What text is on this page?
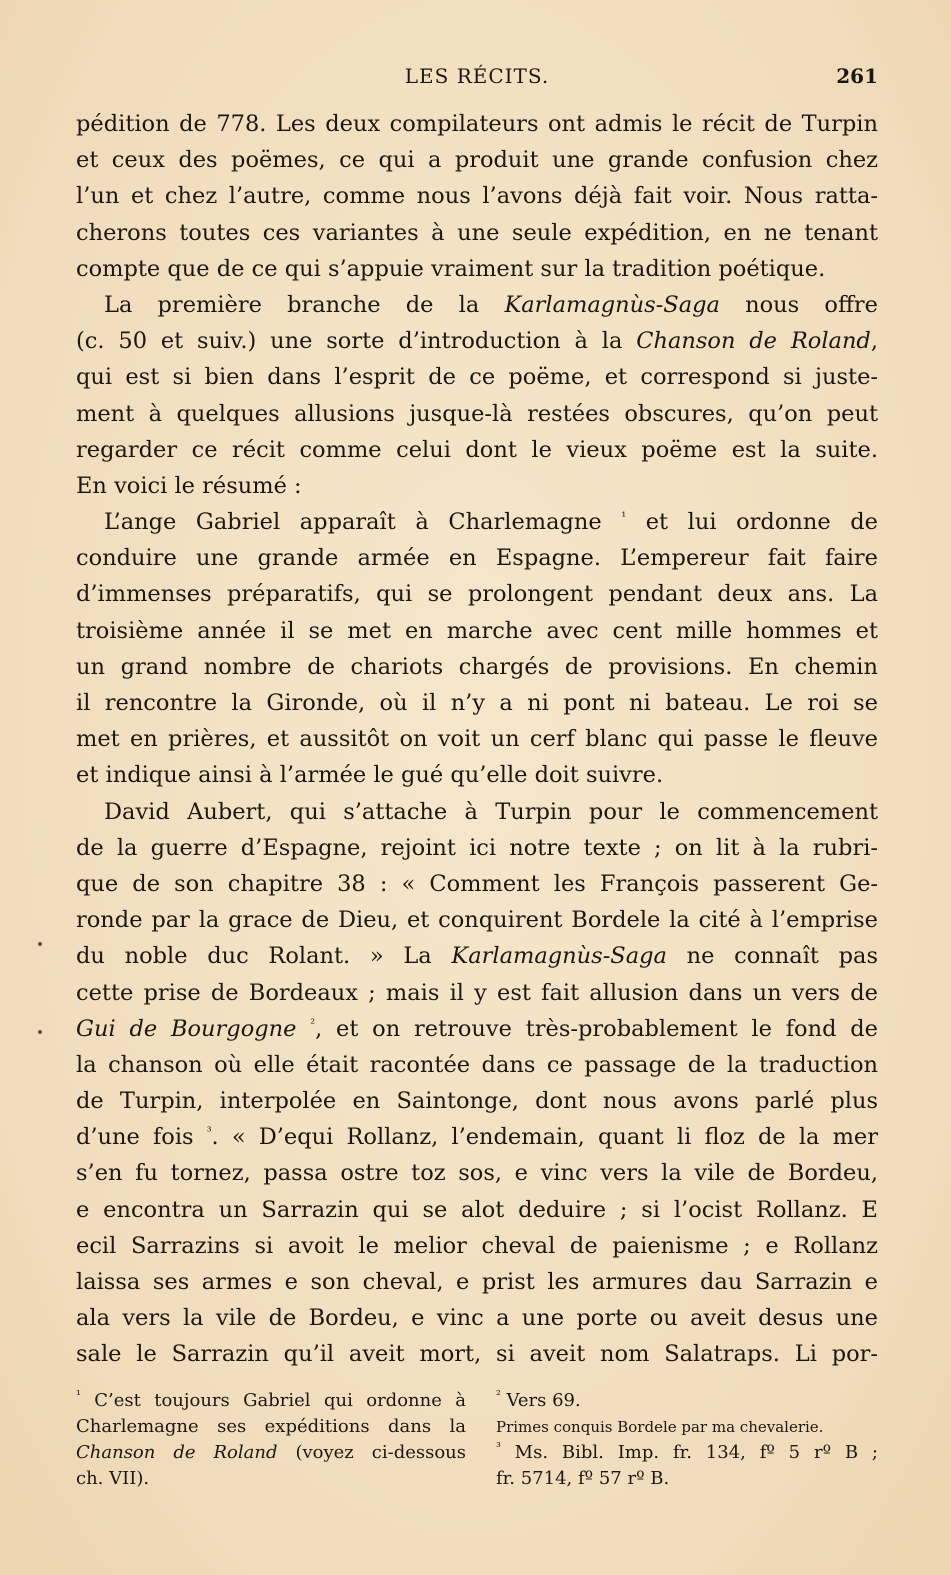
LES RÉCITS.	261
pédition de 778. Les deux compilateurs ont admis le récit de Turpin
et ceux des poëmes, ce qui a produit une grande confusion chez
l’un et chez l’autre, comme nous l’avons déjà fait voir. Nous ratta-
cherons toutes ces variantes à une seule expédition, en ne tenant
compte que de ce qui s’appuie vraiment sur la tradition poétique.
La première branche de la Karlamagnùs-Saga nous offre
(c. 50 et suiv.) une sorte d’introduction à la Chanson de Roland,
qui est si bien dans l’esprit de ce poëme, et correspond si juste-
ment à quelques allusions jusque-là restées obscures, qu’on peut
regarder ce récit comme celui dont le vieux poëme est la suite.
En voici le résumé :
L’ange Gabriel apparaît à Charlemagne $^{^1}$ et lui ordonne de
conduire une grande armée en Espagne. L’empereur fait faire
d’immenses préparatifs, qui se prolongent pendant deux ans. La
troisième année il se met en marche avec cent mille hommes et
un grand nombre de chariots chargés de provisions. En chemin
il rencontre la Gironde, où il n’y a ni pont ni bateau. Le roi se
met en prières, et aussitôt on voit un cerf blanc qui passe le fleuve
et indique ainsi à l’armée le gué qu’elle doit suivre.
David Aubert, qui s’attache à Turpin pour le commencement
de la guerre d’Espagne, rejoint ici notre texte ; on lit à la rubri-
que de son chapitre 38 : « Comment les François passerent Ge-
ronde par la grace de Dieu, et conquirent Bordele la cité à l’emprise
du noble duc Rolant. » La Karlamagnùs-Saga ne connaît pas
cette prise de Bordeaux ; mais il y est fait allusion dans un vers de
Gui de Bourgogne $^{^2}$, et on retrouve très-probablement le fond de
la chanson où elle était racontée dans ce passage de la traduction
de Turpin, interpolée en Saintonge, dont nous avons parlé plus
d’une fois $^{^3}$. « D’equi Rollanz, l’endemain, quant li floz de la mer
s’en fu tornez, passa ostre toz sos, e vinc vers la vile de Bordeu,
e encontra un Sarrazin qui se alot deduire ; si l’ocist Rollanz. E
ecil Sarrazins si avoit le melior cheval de paienisme ; e Rollanz
laissa ses armes e son cheval, e prist les armures dau Sarrazin e
ala vers la vile de Bordeu, e vinc a une porte ou aveit desus une
sale le Sarrazin qu’il aveit mort, si aveit nom Salatraps. Li por-
$^{^1}$ C’est toujours Gabriel qui ordonne à
Charlemagne ses expéditions dans la
Chanson de Roland (voyez ci-dessous
ch. VII).
$^{^2}$ Vers 69.
Primes conquis Bordele par ma chevalerie.
$^{^3}$ Ms. Bibl. Imp. fr. 134, fº 5 rº B ;
fr. 5714, fº 57 rº B.
